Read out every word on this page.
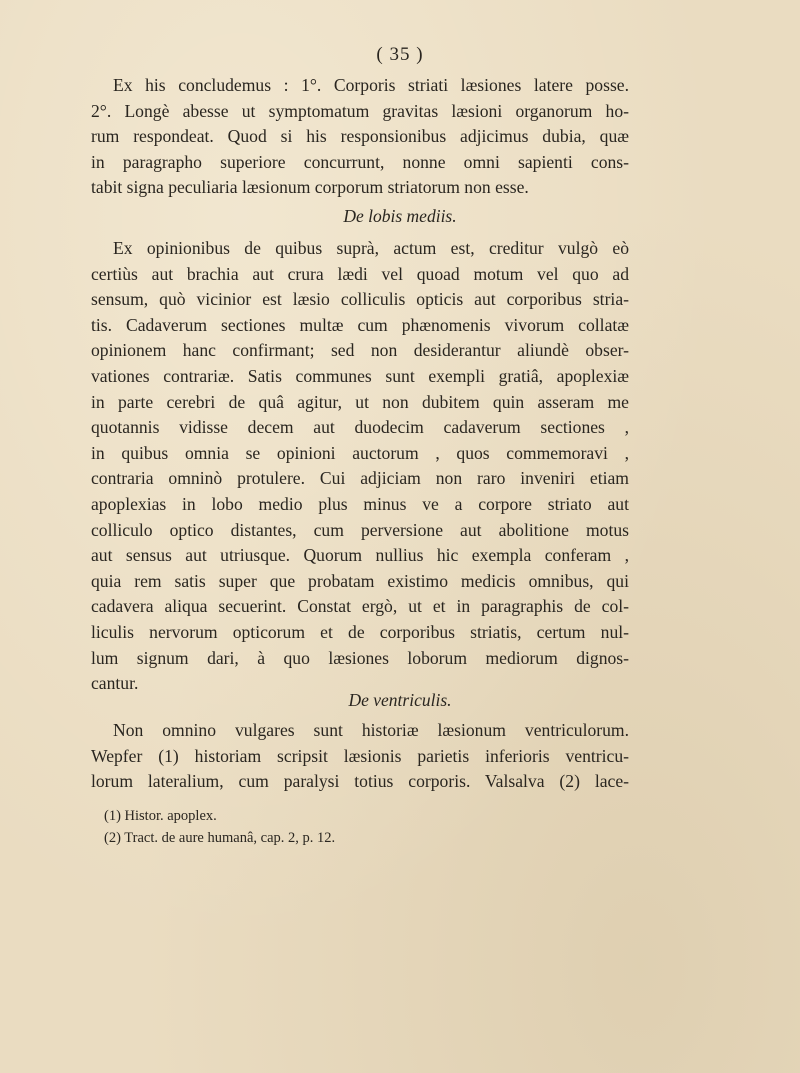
( 35 )
Ex his concludemus : 1°. Corporis striati læsiones latere posse.
2°. Longè abesse ut symptomatum gravitas læsioni organorum ho-
rum respondeat. Quod si his responsionibus adjicimus dubia, quæ
in paragrapho superiore concurrunt, nonne omni sapienti cons-
tabit signa peculiaria læsionum corporum striatorum non esse.
De lobis mediis.
Ex opinionibus de quibus suprà, actum est, creditur vulgò eò
certiùs aut brachia aut crura lædi vel quoad motum vel quo ad
sensum, quò vicinior est læsio colliculis opticis aut corporibus stria-
tis. Cadaverum sectiones multæ cum phænomenis vivorum collatæ
opinionem hanc confirmant; sed non desiderantur aliundè obser-
vationes contrariæ. Satis communes sunt exempli gratiâ, apoplexiæ
in parte cerebri de quâ agitur, ut non dubitem quin asseram me
quotannis vidisse decem aut duodecim cadaverum sectiones ,
in quibus omnia se opinioni auctorum , quos commemoravi ,
contraria omninò protulere. Cui adjiciam non raro inveniri etiam
apoplexias in lobo medio plus minus ve a corpore striato aut
colliculo optico distantes, cum perversione aut abolitione motus
aut sensus aut utriusque. Quorum nullius hic exempla conferam ,
quia rem satis super que probatam existimo medicis omnibus, qui
cadavera aliqua secuerint. Constat ergò, ut et in paragraphis de col-
liculis nervorum opticorum et de corporibus striatis, certum nul-
lum signum dari, à quo læsiones loborum mediorum dignos-
cantur.
De ventriculis.
Non omnino vulgares sunt historiæ læsionum ventriculorum.
Wepfer (1) historiam scripsit læsionis parietis inferioris ventricu-
lorum lateralium, cum paralysi totius corporis. Valsalva (2) lace-
(1) Histor. apoplex.
(2) Tract. de aure humanâ, cap. 2, p. 12.
